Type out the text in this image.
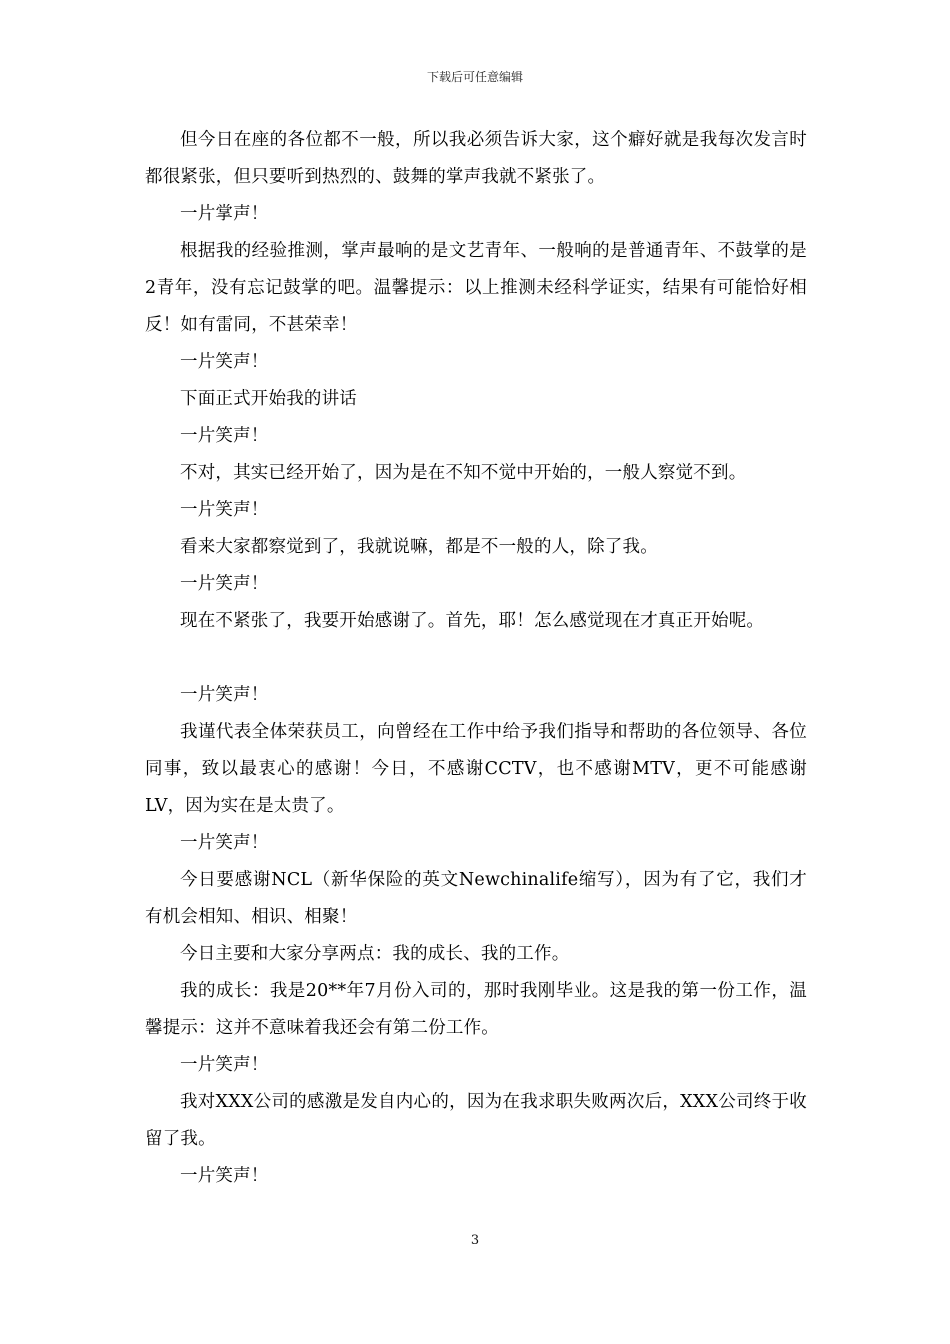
下载后可任意编辑

但今日在座的各位都不一般，所以我必须告诉大家，这个癖好就是我每次发言时都很紧张，但只要听到热烈的、鼓舞的掌声我就不紧张了。

一片掌声！

根据我的经验推测，掌声最响的是文艺青年、一般响的是普通青年、不鼓掌的是2青年，没有忘记鼓掌的吧。温馨提示：以上推测未经科学证实，结果有可能恰好相反！如有雷同，不甚荣幸！

一片笑声！

下面正式开始我的讲话

一片笑声！

不对，其实已经开始了，因为是在不知不觉中开始的，一般人察觉不到。

一片笑声！

看来大家都察觉到了，我就说嘛，都是不一般的人，除了我。

一片笑声！

现在不紧张了，我要开始感谢了。首先，耶！怎么感觉现在才真正开始呢。

一片笑声！

我谨代表全体荣获员工，向曾经在工作中给予我们指导和帮助的各位领导、各位同事，致以最衷心的感谢！今日，不感谢CCTV，也不感谢MTV，更不可能感谢LV，因为实在是太贵了。

一片笑声！

今日要感谢NCL（新华保险的英文Newchinalife缩写），因为有了它，我们才有机会相知、相识、相聚！

今日主要和大家分享两点：我的成长、我的工作。

我的成长：我是20**年7月份入司的，那时我刚毕业。这是我的第一份工作，温馨提示：这并不意味着我还会有第二份工作。

一片笑声！

我对XXX公司的感激是发自内心的，因为在我求职失败两次后，XXX公司终于收留了我。

一片笑声！

3
